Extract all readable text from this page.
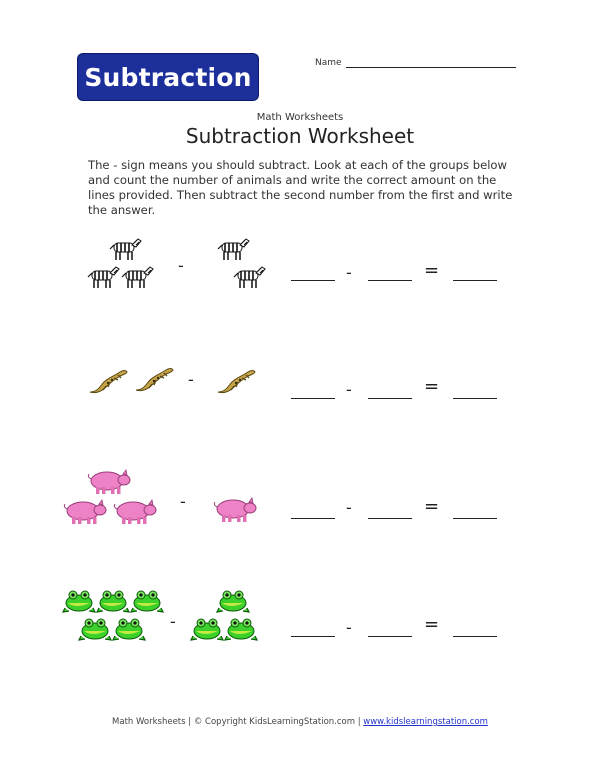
Subtraction	Name
Math Worksheets
Subtraction Worksheet
The - sign means you should subtract. Look at each of the groups below and count the number of animals and write the correct amount on the lines provided. Then subtract the second number from the first and write the answer.
-	-	=
-
-	=
-	-	=
-	-	=
Math Worksheets | © Copyright KidsLearningStation.com | www.kidslearningstation.com
